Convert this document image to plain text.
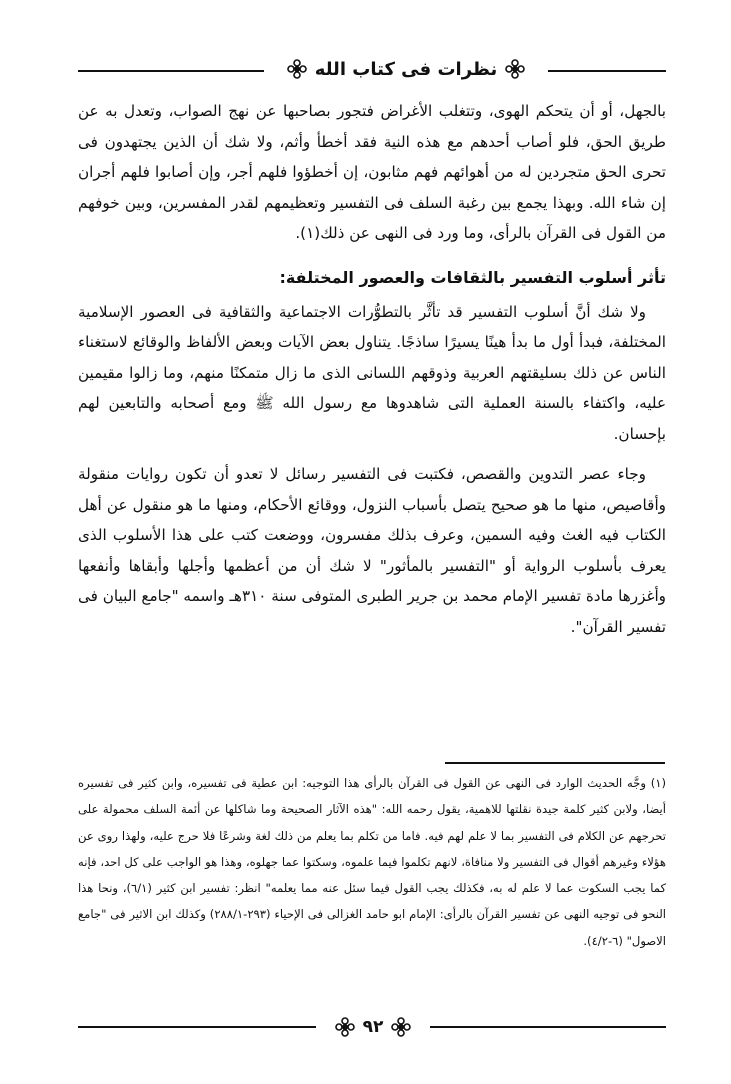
نظرات فى كتاب الله

بالجهل، أو أن يتحكم الهوى، وتتغلب الأغراض فتجور بصاحبها عن نهج الصواب، وتعدل به عن طريق الحق، فلو أصاب أحدهم مع هذه النية فقد أخطأ وأثم، ولا شك أن الذين يجتهدون فى تحرى الحق متجردين له من أهوائهم فهم مثابون، إن أخطؤوا فلهم أجر، وإن أصابوا فلهم أجران إن شاء الله. وبهذا يجمع بين رغبة السلف فى التفسير وتعظيمهم لقدر المفسرين، وبين خوفهم من القول فى القرآن بالرأى، وما ورد فى النهى عن ذلك(١).

تأثر أسلوب التفسير بالثقافات والعصور المختلفة:

ولا شك أنَّ أسلوب التفسير قد تأثَّر بالتطوُّرات الاجتماعية والثقافية فى العصور الإسلامية المختلفة، فبدأ أول ما بدأ هينًا يسيرًا ساذجًا. يتناول بعض الآيات وبعض الألفاظ والوقائع لاستغناء الناس عن ذلك بسليقتهم العربية وذوقهم اللسانى الذى ما زال متمكنًا منهم، وما زالوا مقيمين عليه، واكتفاء بالسنة العملية التى شاهدوها مع رسول الله ﷺ ومع أصحابه والتابعين لهم بإحسان.

وجاء عصر التدوين والقصص، فكتبت فى التفسير رسائل لا تعدو أن تكون روايات منقولة وأقاصيص، منها ما هو صحيح يتصل بأسباب النزول، ووقائع الأحكام، ومنها ما هو منقول عن أهل الكتاب فيه الغث وفيه السمين، وعرف بذلك مفسرون، ووضعت كتب على هذا الأسلوب الذى يعرف بأسلوب الرواية أو "التفسير بالمأثور" لا شك أن من أعظمها وأجلها وأبقاها وأنفعها وأغزرها مادة تفسير الإمام محمد بن جرير الطبرى المتوفى سنة ٣١٠هـ واسمه "جامع البيان فى تفسير القرآن".

(١) وجَّه الحديث الوارد فى النهى عن القول فى القرآن بالرأى هذا التوجيه: ابن عطية فى تفسيره، وابن كثير فى تفسيره أيضا، ولابن كثير كلمة جيدة نقلتها للاهمية، يقول رحمه الله: "هذه الآثار الصحيحة وما شاكلها عن أئمة السلف محمولة على تحرجهم عن الكلام فى التفسير بما لا علم لهم فيه. فاما من تكلم بما يعلم من ذلك لغة وشرعًا فلا حرج عليه، ولهذا روى عن هؤلاء وغيرهم أقوال فى التفسير ولا منافاة، لانهم تكلموا فيما علموه، وسكتوا عما جهلوه، وهذا هو الواجب على كل احد، فإنه كما يجب السكوت عما لا علم له به، فكذلك يجب القول فيما سئل عنه مما يعلمه" انظر: تفسير ابن كثير (٦/١)، ونحا هذا النحو فى توجيه النهى عن تفسير القرآن بالرأى: الإمام ابو حامد الغزالى فى الإحياء (٢٩٣-٢٨٨/١) وكذلك ابن الاثير فى "جامع الاصول" (٦-٤/٢).

٩٢
